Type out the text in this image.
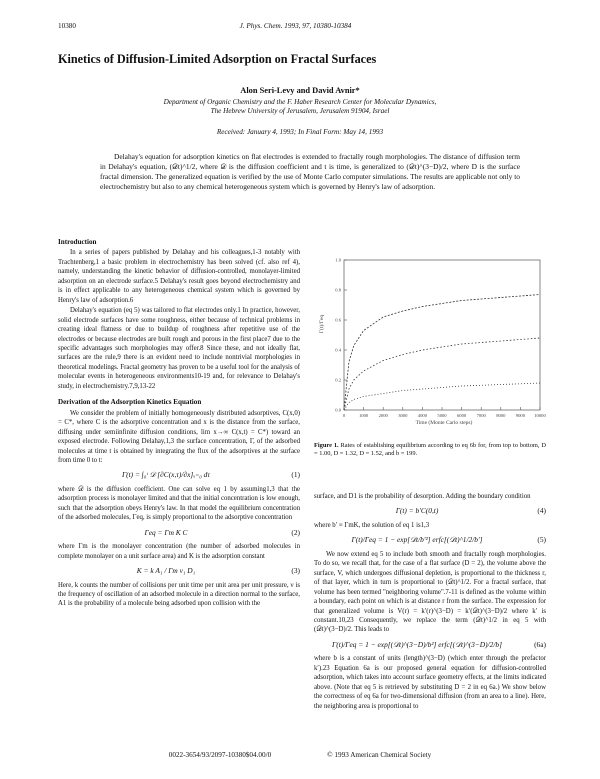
10380	J. Phys. Chem. 1993, 97, 10380-10384
Kinetics of Diffusion-Limited Adsorption on Fractal Surfaces
Alon Seri-Levy and David Avnir*
Department of Organic Chemistry and the F. Haber Research Center for Molecular Dynamics,
The Hebrew University of Jerusalem, Jerusalem 91904, Israel
Received: January 4, 1993; In Final Form: May 14, 1993

Delahay's equation for adsorption kinetics on flat electrodes is extended to fractally rough morphologies. The distance of diffusion term in Delahay's equation, (𝒟t)^1/2, where 𝒟 is the diffusion coefficient and t is time, is generalized to (𝒟t)^(3−D)/2, where D is the surface fractal dimension. The generalized equation is verified by the use of Monte Carlo computer simulations. The results are applicable not only to electrochemistry but also to any chemical heterogeneous system which is governed by Henry's law of adsorption.

Introduction

In a series of papers published by Delahay and his colleagues,1-3 notably with Trachtenberg,1 a basic problem in electrochemistry has been solved (cf. also ref 4), namely, understanding the kinetic behavior of diffusion-controlled, monolayer-limited adsorption on an electrode surface.5 Delahay's result goes beyond electrochemistry and is in effect applicable to any heterogeneous chemical system which is governed by Henry's law of adsorption.6

Delahay's equation (eq 5) was tailored to flat electrodes only.1 In practice, however, solid electrode surfaces have some roughness, either because of technical problems in creating ideal flatness or due to buildup of roughness after repetitive use of the electrodes or because electrodes are built rough and porous in the first place7 due to the specific advantages such morphologies may offer.8 Since these, and not ideally flat, surfaces are the rule,9 there is an evident need to include nontrivial morphologies in theoretical modelings. Fractal geometry has proven to be a useful tool for the analysis of molecular events in heterogeneous environments10-19 and, for relevance to Delahay's study, in electrochemistry.7,9,13-22

Derivation of the Adsorption Kinetics Equation

We consider the problem of initially homogeneously distributed adsorptives, C(x,0) = C*, where C is the adsorptive concentration and x is the distance from the surface, diffusing under semiinfinite diffusion conditions, lim x→∞ C(x,t) = C*) toward an exposed electrode. Following Delahay,1,3 the surface concentration, Γ, of the adsorbed molecules at time t is obtained by integrating the flux of the adsorptives at the surface from time 0 to t:

Γ(t) = ∫₀ᵗ 𝒟 [∂C(x,τ)/∂x]ₓ₌₀ dτ	(1)

where 𝒟 is the diffusion coefficient. One can solve eq 1 by assuming1,3 that the adsorption process is monolayer limited and that the initial concentration is low enough, such that the adsorption obeys Henry's law. In that model the equilibrium concentration of the adsorbed molecules, Γeq, is simply proportional to the adsorptive concentration

Γeq = Γm K C	(2)

where Γm is the monolayer concentration (the number of adsorbed molecules in complete monolayer on a unit surface area) and K is the adsorption constant

K = k A₁ / Γm ν₁ D₁	(3)

Here, k counts the number of collisions per unit time per unit area per unit pressure, ν is the frequency of oscillation of an adsorbed molecule in a direction normal to the surface, A1 is the probability of a molecule being adsorbed upon collision with the

0	1000 2000 3000 4000 5000 6000 7000 8000 9000 10000
0.0
0.2
0.4
0.6
0.8
1.0
Γ(t)/Γeq
Time (Monte Carlo steps)
Figure 1. Rates of establishing equilibrium according to eq 6b for, from top to bottom, D = 1.00, D = 1.32, D = 1.52, and b = 199.

surface, and D1 is the probability of desorption. Adding the boundary condition

Γ(t) = b′C(0,t)	(4)

where b′ ≡ ΓmK, the solution of eq 1 is1,3

Γ(t)/Γeq = 1 − exp[𝒟t/b′²] erfc[(𝒟t)^1/2/b′]	(5)

We now extend eq 5 to include both smooth and fractally rough morphologies. To do so, we recall that, for the case of a flat surface (D = 2), the volume above the surface, V, which undergoes diffusional depletion, is proportional to the thickness r, of that layer, which in turn is proportional to (𝒟t)^1/2. For a fractal surface, that volume has been termed "neighboring volume".7-11 is defined as the volume within a boundary, each point on which is at distance r from the surface. The expression for that generalized volume is V(r) = k′(r)^(3−D) = k′(𝒟t)^(3−D)/2 where k′ is constant.10,23 Consequently, we replace the term (𝒟t)^1/2 in eq 5 with (𝒟t)^(3−D)/2. This leads to

Γ(t)/Γeq = 1 − exp[(𝒟t)^(3−D)/b²] erfc[(𝒟t)^(3−D)/2/b]	(6a)

where b is a constant of units (length)^(3−D) (which enter through the prefactor k′).23 Equation 6a is our proposed general equation for diffusion-controlled adsorption, which takes into account surface geometry effects, at the limits indicated above. (Note that eq 5 is retrieved by substituting D = 2 in eq 6a.) We show below the correctness of eq 6a for two-dimensional diffusion (from an area to a line). Here, the neighboring area is proportional to

0022-3654/93/2097-10380$04.00/0	© 1993 American Chemical Society
